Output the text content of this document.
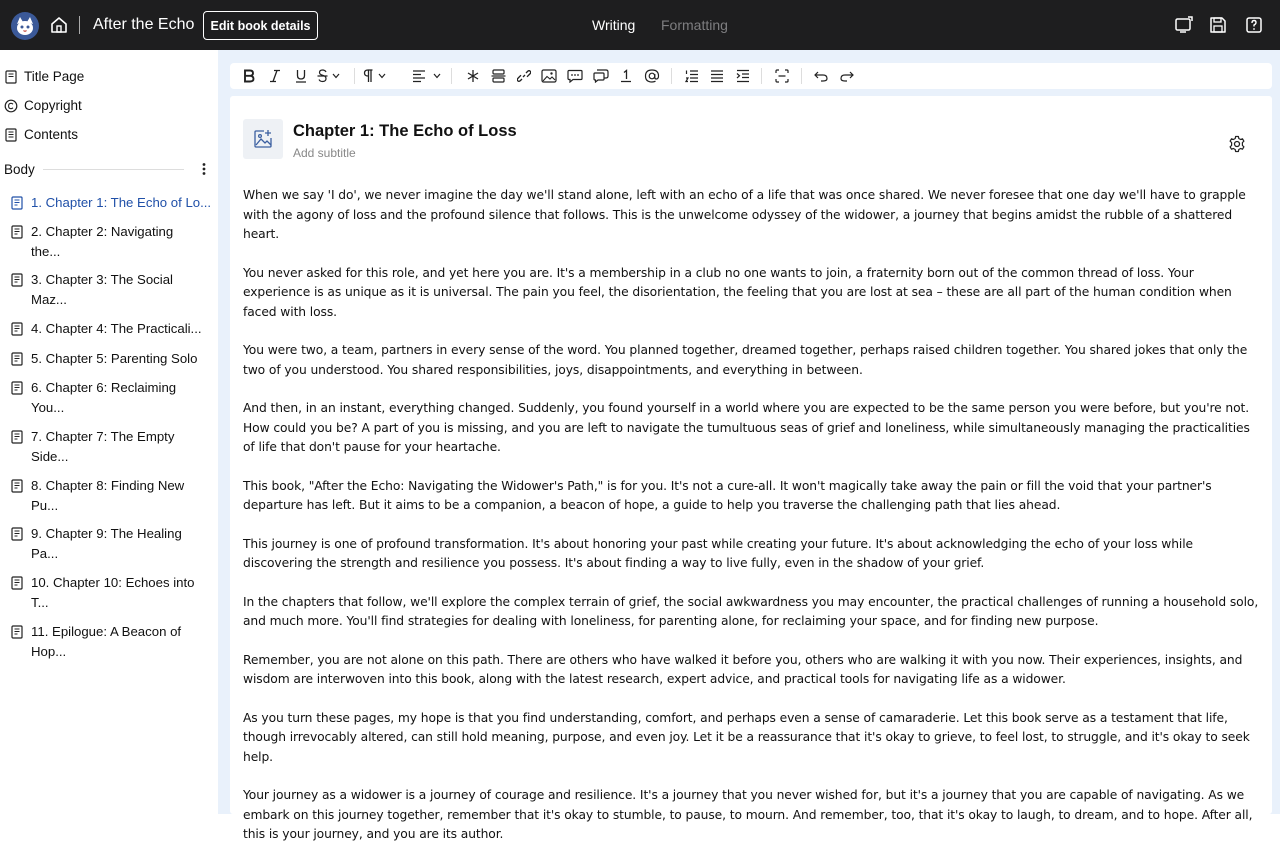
After the Echo	Edit book details	Writing Formatting
Title Page
Copyright
Contents
Body
1. Chapter 1: The Echo of Lo...
2. Chapter 2: Navigating
the...
3. Chapter 3: The Social
Maz...
4. Chapter 4: The Practicali...
5. Chapter 5: Parenting Solo
6. Chapter 6: Reclaiming
You...
7. Chapter 7: The Empty
Side...
8. Chapter 8: Finding New
Pu...
9. Chapter 9: The Healing
Pa...
10. Chapter 10: Echoes into
T...
11. Epilogue: A Beacon of
Hop...
Chapter 1: The Echo of Loss
Add subtitle

When we say 'I do', we never imagine the day we'll stand alone, left with an echo of a life that was once shared. We never foresee that one day we'll have to grapple with the agony of loss and the profound silence that follows. This is the unwelcome odyssey of the widower, a journey that begins amidst the rubble of a shattered heart.

You never asked for this role, and yet here you are. It's a membership in a club no one wants to join, a fraternity born out of the common thread of loss. Your experience is as unique as it is universal. The pain you feel, the disorientation, the feeling that you are lost at sea – these are all part of the human condition when faced with loss.

You were two, a team, partners in every sense of the word. You planned together, dreamed together, perhaps raised children together. You shared jokes that only the two of you understood. You shared responsibilities, joys, disappointments, and everything in between.

And then, in an instant, everything changed. Suddenly, you found yourself in a world where you are expected to be the same person you were before, but you're not. How could you be? A part of you is missing, and you are left to navigate the tumultuous seas of grief and loneliness, while simultaneously managing the practicalities of life that don't pause for your heartache.

This book, "After the Echo: Navigating the Widower's Path," is for you. It's not a cure-all. It won't magically take away the pain or fill the void that your partner's departure has left. But it aims to be a companion, a beacon of hope, a guide to help you traverse the challenging path that lies ahead.

This journey is one of profound transformation. It's about honoring your past while creating your future. It's about acknowledging the echo of your loss while discovering the strength and resilience you possess. It's about finding a way to live fully, even in the shadow of your grief.

In the chapters that follow, we'll explore the complex terrain of grief, the social awkwardness you may encounter, the practical challenges of running a household solo, and much more. You'll find strategies for dealing with loneliness, for parenting alone, for reclaiming your space, and for finding new purpose.

Remember, you are not alone on this path. There are others who have walked it before you, others who are walking it with you now. Their experiences, insights, and wisdom are interwoven into this book, along with the latest research, expert advice, and practical tools for navigating life as a widower.

As you turn these pages, my hope is that you find understanding, comfort, and perhaps even a sense of camaraderie. Let this book serve as a testament that life, though irrevocably altered, can still hold meaning, purpose, and even joy. Let it be a reassurance that it's okay to grieve, to feel lost, to struggle, and it's okay to seek help.

Your journey as a widower is a journey of courage and resilience. It's a journey that you never wished for, but it's a journey that you are capable of navigating. As we embark on this journey together, remember that it's okay to stumble, to pause, to mourn. And remember, too, that it's okay to laugh, to dream, and to hope. After all, this is your journey, and you are its author.
